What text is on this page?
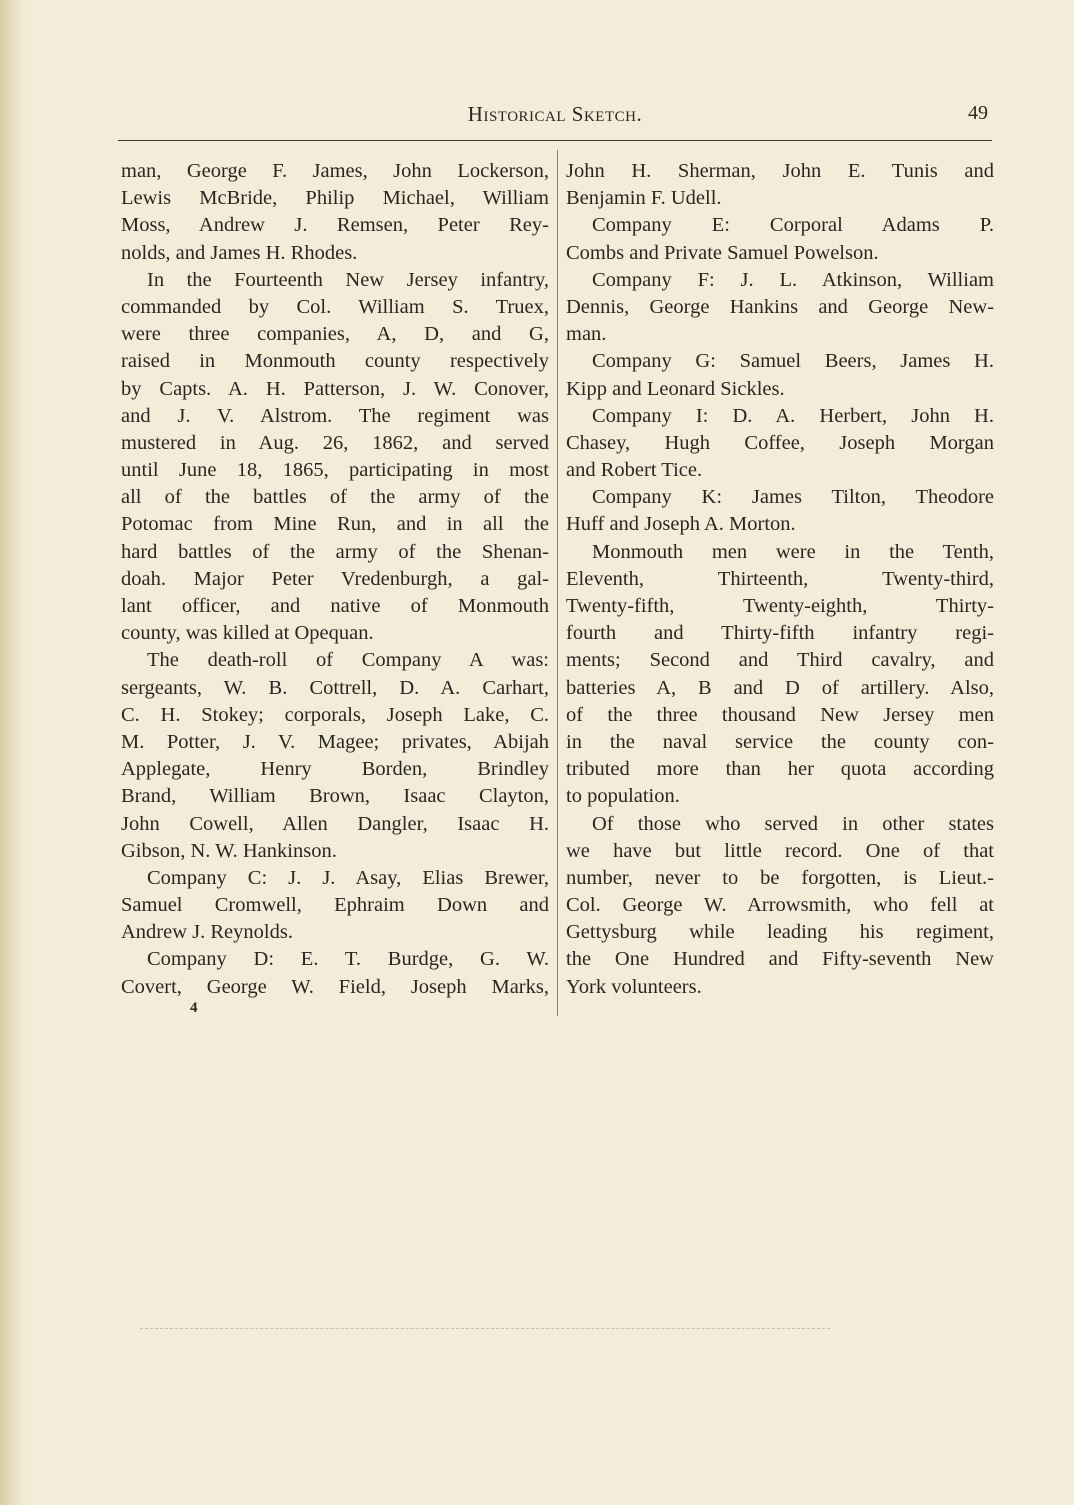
Historical Sketch.	49
man, George F. James, John Lockerson,
Lewis McBride, Philip Michael, William
Moss, Andrew J. Remsen, Peter Rey-
nolds, and James H. Rhodes.
In the Fourteenth New Jersey infantry,
commanded by Col. William S. Truex,
were three companies, A, D, and G,
raised in Monmouth county respectively
by Capts. A. H. Patterson, J. W. Conover,
and J. V. Alstrom. The regiment was
mustered in Aug. 26, 1862, and served
until June 18, 1865, participating in most
all of the battles of the army of the
Potomac from Mine Run, and in all the
hard battles of the army of the Shenan-
doah. Major Peter Vredenburgh, a gal-
lant officer, and native of Monmouth
county, was killed at Opequan.
The death-roll of Company A was:
sergeants, W. B. Cottrell, D. A. Carhart,
C. H. Stokey; corporals, Joseph Lake, C.
M. Potter, J. V. Magee; privates, Abijah
Applegate, Henry Borden, Brindley
Brand, William Brown, Isaac Clayton,
John Cowell, Allen Dangler, Isaac H.
Gibson, N. W. Hankinson.
Company C: J. J. Asay, Elias Brewer,
Samuel Cromwell, Ephraim Down and
Andrew J. Reynolds.
Company D: E. T. Burdge, G. W.
Covert, George W. Field, Joseph Marks,
John H. Sherman, John E. Tunis and
Benjamin F. Udell.
Company E: Corporal Adams P.
Combs and Private Samuel Powelson.
Company F: J. L. Atkinson, William
Dennis, George Hankins and George New-
man.
Company G: Samuel Beers, James H.
Kipp and Leonard Sickles.
Company I: D. A. Herbert, John H.
Chasey, Hugh Coffee, Joseph Morgan
and Robert Tice.
Company K: James Tilton, Theodore
Huff and Joseph A. Morton.
Monmouth men were in the Tenth,
Eleventh, Thirteenth, Twenty-third,
Twenty-fifth, Twenty-eighth, Thirty-
fourth and Thirty-fifth infantry regi-
ments; Second and Third cavalry, and
batteries A, B and D of artillery. Also,
of the three thousand New Jersey men
in the naval service the county con-
tributed more than her quota according
to population.
Of those who served in other states
we have but little record. One of that
number, never to be forgotten, is Lieut.-
Col. George W. Arrowsmith, who fell at
Gettysburg while leading his regiment,
the One Hundred and Fifty-seventh New
York volunteers.
4
